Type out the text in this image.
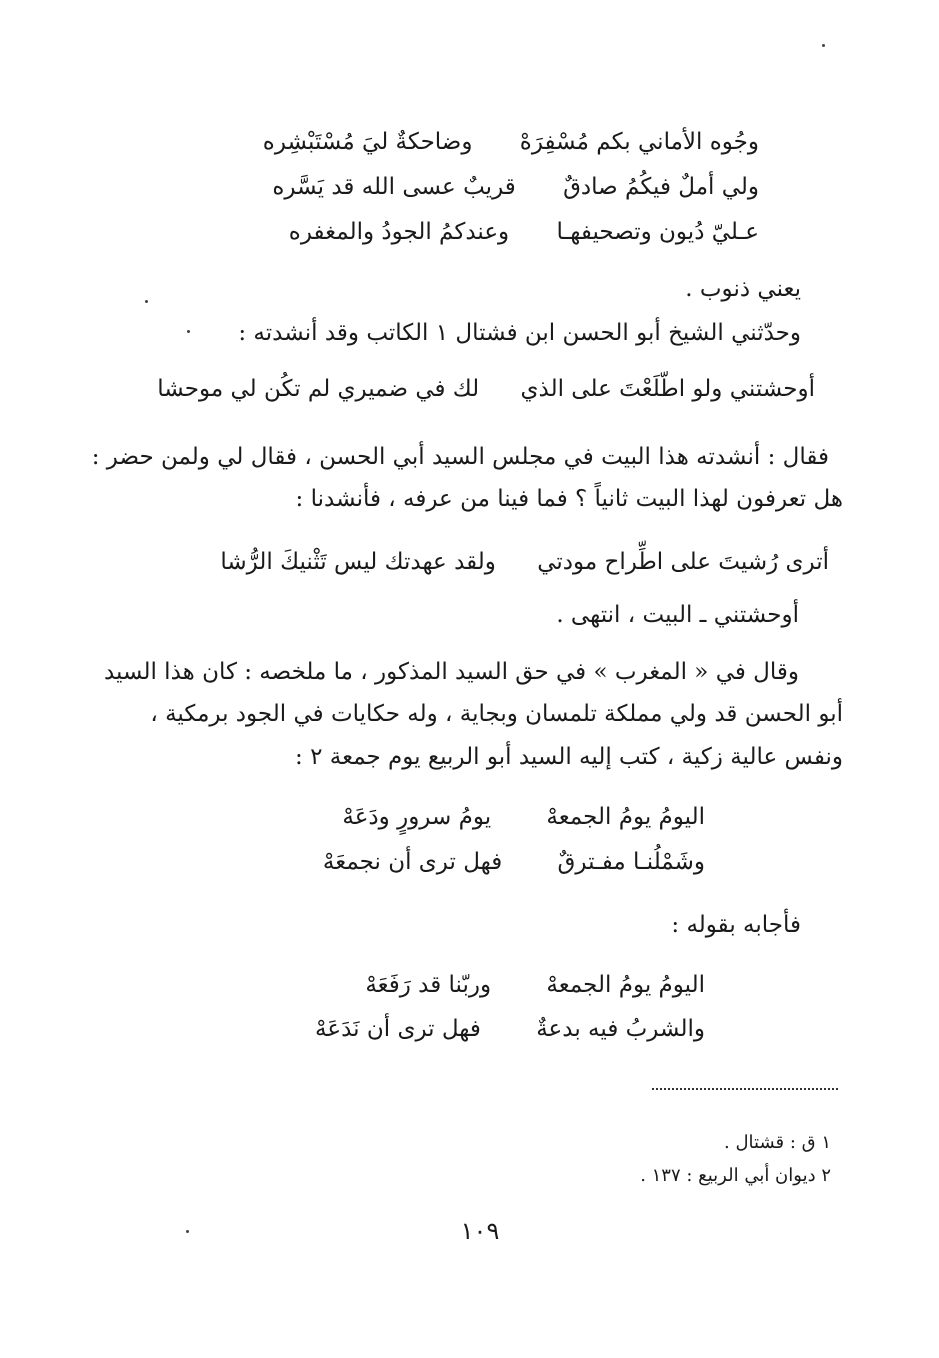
وجُوه الأماني بكم مُسْفِرَهْ وضاحكةٌ ليَ مُسْتَبْشِره
ولي أملٌ فيكُمُ صادقٌ قريبٌ عسى الله قد يَسَّره
عـليّ دُيون وتصحيفهـا وعندكمُ الجودُ والمغفره
يعني ذنوب .
وحدّثني الشيخ أبو الحسن ابن فشتال ١ الكاتب وقد أنشدته :
أوحشتني ولو اطّلَعْتَ على الذي لك في ضميري لم تكُن لي موحشا
فقال : أنشدته هذا البيت في مجلس السيد أبي الحسن ، فقال لي ولمن حضر :
هل تعرفون لهذا البيت ثانياً ؟ فما فينا من عرفه ، فأنشدنا :
أترى رُشيتَ على اطِّراح مودتي ولقد عهدتك ليس تَثْنيكَ الرُّشا
أوحشتني ـ البيت ، انتهى .
وقال في « المغرب » في حق السيد المذكور ، ما ملخصه : كان هذا السيد
أبو الحسن قد ولي مملكة تلمسان وبجاية ، وله حكايات في الجود برمكية ،
ونفس عالية زكية ، كتب إليه السيد أبو الربيع يوم جمعة ٢ :
اليومُ يومُ الجمعهْ يومُ سرورٍ ودَعَهْ
وشَمْلُنـا مفـترقٌ فهل ترى أن نجمعَهْ
فأجابه بقوله :
اليومُ يومُ الجمعهْ وربّنا قد رَفَعَهْ
والشربُ فيه بدعةٌ فهل ترى أن نَدَعَهْ
١ ق : قشتال .
٢ ديوان أبي الربيع : ١٣٧ .
١٠٩
